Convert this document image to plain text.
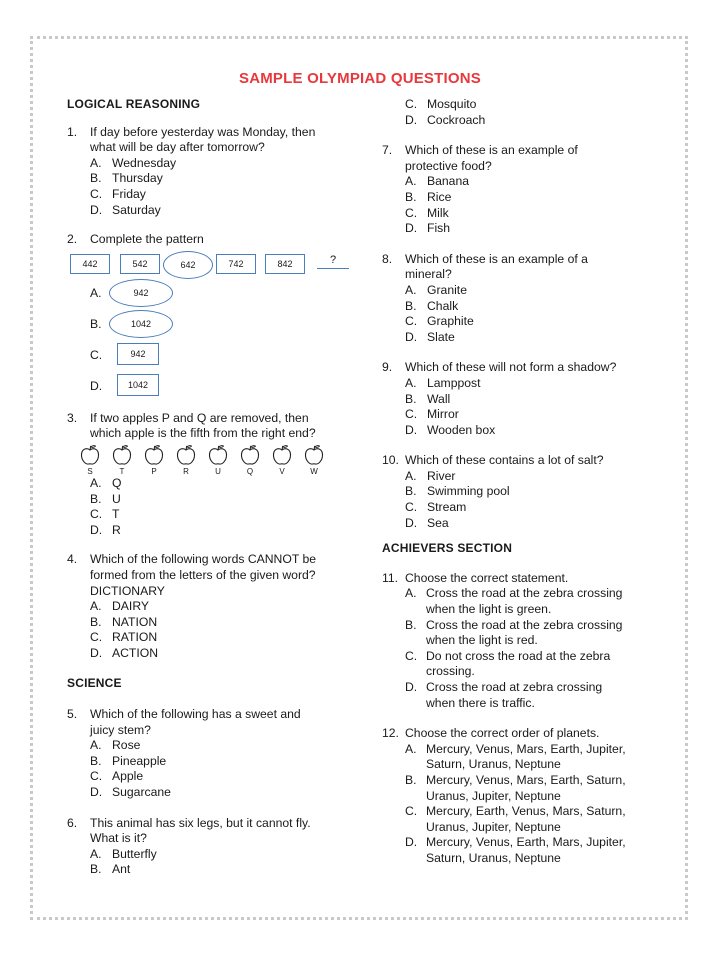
SAMPLE OLYMPIAD QUESTIONS
LOGICAL REASONING
1.	If day before yesterday was Monday, then
what will be day after tomorrow?
A. Wednesday
B. Thursday
C. Friday
D. Saturday
2.	Complete the pattern
442	542	642	742	842	?
A.	942
B.	1042
C.	942
D.	1042
3.	If two apples P and Q are removed, then
which apple is the fifth from the right end?
S	T	P	R	U	Q	V	W
A. Q
B. U
C. T
D. R
4.	Which of the following words CANNOT be
formed from the letters of the given word?
DICTIONARY
A. DAIRY
B. NATION
C. RATION
D. ACTION
SCIENCE
5.	Which of the following has a sweet and
juicy stem?
A. Rose
B. Pineapple
C. Apple
D. Sugarcane
6.	This animal has six legs, but it cannot fly.
What is it?
A. Butterfly
B. Ant
C. Mosquito
D. Cockroach
7.	Which of these is an example of
protective food?
A. Banana
B. Rice
C. Milk
D. Fish
8.	Which of these is an example of a
mineral?
A. Granite
B. Chalk
C. Graphite
D. Slate
9.	Which of these will not form a shadow?
A. Lamppost
B. Wall
C. Mirror
D. Wooden box
10. Which of these contains a lot of salt?
A. River
B. Swimming pool
C. Stream
D. Sea
ACHIEVERS SECTION
11. Choose the correct statement.
A. Cross the road at the zebra crossing
when the light is green.
B. Cross the road at the zebra crossing
when the light is red.
C. Do not cross the road at the zebra
crossing.
D. Cross the road at zebra crossing
when there is traffic.
12. Choose the correct order of planets.
A. Mercury, Venus, Mars, Earth, Jupiter,
Saturn, Uranus, Neptune
B. Mercury, Venus, Mars, Earth, Saturn,
Uranus, Jupiter, Neptune
C. Mercury, Earth, Venus, Mars, Saturn,
Uranus, Jupiter, Neptune
D. Mercury, Venus, Earth, Mars, Jupiter,
Saturn, Uranus, Neptune
